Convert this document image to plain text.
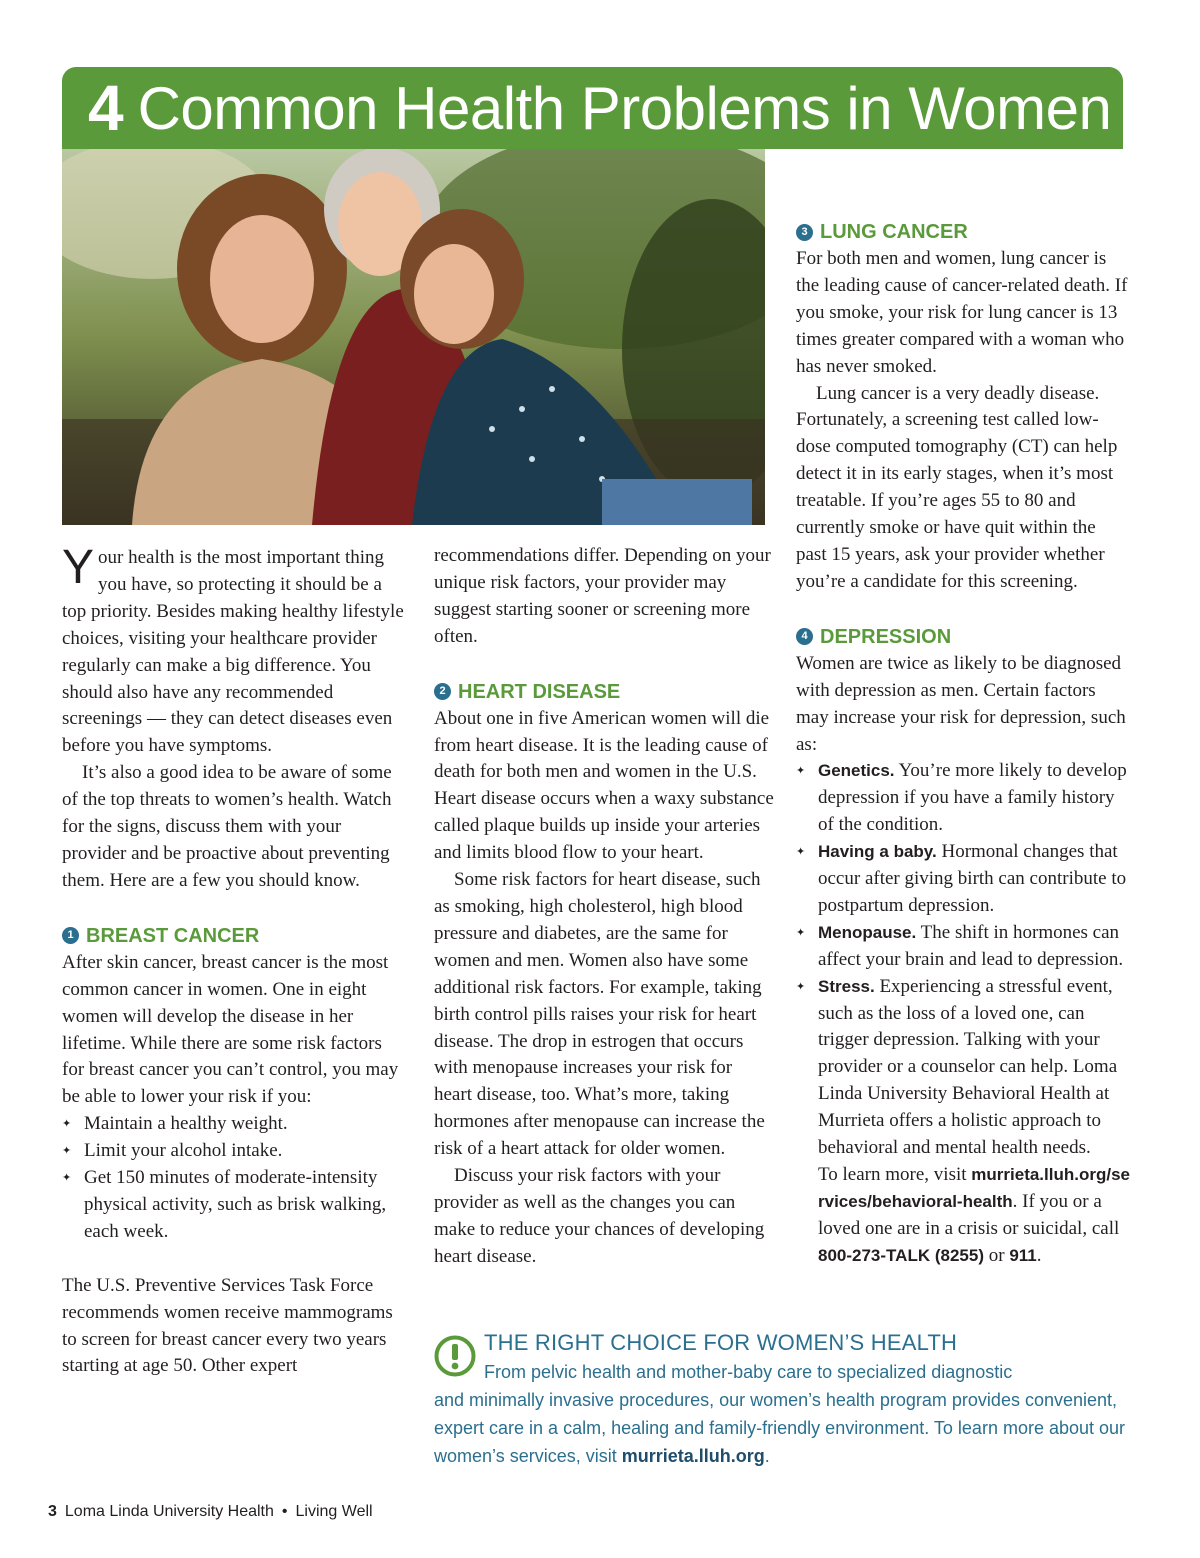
4 Common Health Problems in Women

Your health is the most important thing you have, so protecting it should be a top priority. Besides making healthy lifestyle choices, visiting your healthcare provider regularly can make a big difference. You should also have any recommended screenings — they can detect diseases even before you have symptoms.

It’s also a good idea to be aware of some of the top threats to women’s health. Watch for the signs, discuss them with your provider and be proactive about preventing them. Here are a few you should know.

1 BREAST CANCER

After skin cancer, breast cancer is the most common cancer in women. One in eight women will develop the disease in her lifetime. While there are some risk factors for breast cancer you can’t control, you may be able to lower your risk if you:

✦ Maintain a healthy weight.
✦ Limit your alcohol intake.
✦ Get 150 minutes of moderate-intensity physical activity, such as brisk walking, each week.

The U.S. Preventive Services Task Force recommends women receive mammograms to screen for breast cancer every two years starting at age 50. Other expert

recommendations differ. Depending on your unique risk factors, your provider may suggest starting sooner or screening more often.

2 HEART DISEASE

About one in five American women will die from heart disease. It is the leading cause of death for both men and women in the U.S. Heart disease occurs when a waxy substance called plaque builds up inside your arteries and limits blood flow to your heart.

Some risk factors for heart disease, such as smoking, high cholesterol, high blood pressure and diabetes, are the same for women and men. Women also have some additional risk factors. For example, taking birth control pills raises your risk for heart disease. The drop in estrogen that occurs with menopause increases your risk for heart disease, too. What’s more, taking hormones after menopause can increase the risk of a heart attack for older women.

Discuss your risk factors with your provider as well as the changes you can make to reduce your chances of developing heart disease.

3 LUNG CANCER

For both men and women, lung cancer is the leading cause of cancer-related death. If you smoke, your risk for lung cancer is 13 times greater compared with a woman who has never smoked.

Lung cancer is a very deadly disease. Fortunately, a screening test called low-dose computed tomography (CT) can help detect it in its early stages, when it’s most treatable. If you’re ages 55 to 80 and currently smoke or have quit within the past 15 years, ask your provider whether you’re a candidate for this screening.

4 DEPRESSION

Women are twice as likely to be diagnosed with depression as men. Certain factors may increase your risk for depression, such as:

✦ Genetics. You’re more likely to develop depression if you have a family history of the condition.
✦ Having a baby. Hormonal changes that occur after giving birth can contribute to postpartum depression.
✦ Menopause. The shift in hormones can affect your brain and lead to depression.
✦ Stress. Experiencing a stressful event, such as the loss of a loved one, can trigger depression. Talking with your provider or a counselor can help. Loma Linda University Behavioral Health at Murrieta offers a holistic approach to behavioral and mental health needs.

To learn more, visit murrieta.lluh.org/services/behavioral-health. If you or a loved one are in a crisis or suicidal, call 800-273-TALK (8255) or 911.

THE RIGHT CHOICE FOR WOMEN’S HEALTH
From pelvic health and mother-baby care to specialized diagnostic
and minimally invasive procedures, our women’s health program provides convenient, expert care in a calm, healing and family-friendly environment. To learn more about our women’s services, visit murrieta.lluh.org.
3 Loma Linda University Health • Living Well
